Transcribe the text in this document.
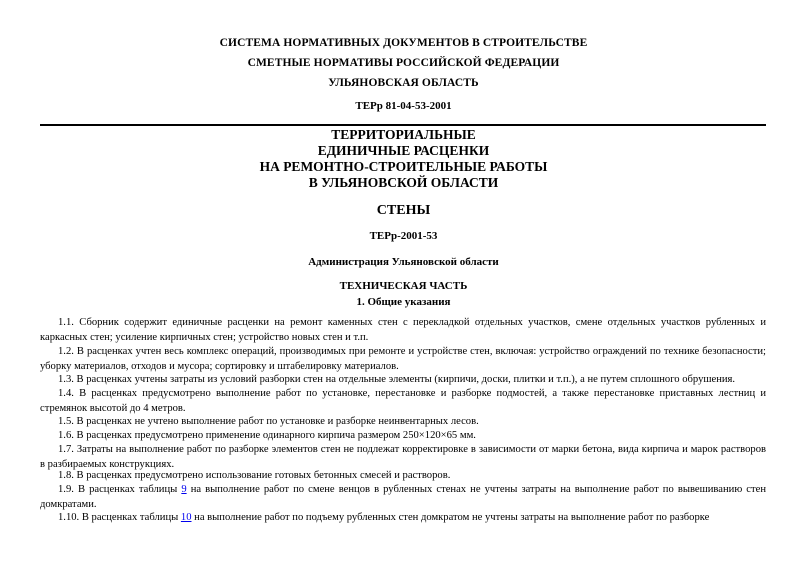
СИСТЕМА НОРМАТИВНЫХ ДОКУМЕНТОВ В СТРОИТЕЛЬСТВЕ
СМЕТНЫЕ НОРМАТИВЫ РОССИЙСКОЙ ФЕДЕРАЦИИ
УЛЬЯНОВСКАЯ ОБЛАСТЬ
ТЕРр 81-04-53-2001
ТЕРРИТОРИАЛЬНЫЕ
ЕДИНИЧНЫЕ РАСЦЕНКИ
НА РЕМОНТНО-СТРОИТЕЛЬНЫЕ РАБОТЫ
В УЛЬЯНОВСКОЙ ОБЛАСТИ
СТЕНЫ
ТЕРр-2001-53
Администрация Ульяновской области
ТЕХНИЧЕСКАЯ ЧАСТЬ
1. Общие указания

1.1. Сборник содержит единичные расценки на ремонт каменных стен с перекладкой отдельных участков, смене отдельных участков рубленных и каркасных стен; усиление кирпичных стен; устройство новых стен и т.п.

1.2. В расценках учтен весь комплекс операций, производимых при ремонте и устройстве стен, включая: устройство ограждений по технике безопасности; уборку материалов, отходов и мусора; сортировку и штабелировку материалов.

1.3. В расценках учтены затраты из условий разборки стен на отдельные элементы (кирпичи, доски, плитки и т.п.), а не путем сплошного обрушения.

1.4. В расценках предусмотрено выполнение работ по установке, перестановке и разборке подмостей, а также перестановке приставных лестниц и стремянок высотой до 4 метров.

1.5. В расценках не учтено выполнение работ по установке и разборке неинвентарных лесов.

1.6. В расценках предусмотрено применение одинарного кирпича размером 250×120×65 мм.

1.7. Затраты на выполнение работ по разборке элементов стен не подлежат корректировке в зависимости от марки бетона, вида кирпича и марок растворов в разбираемых конструкциях.

1.8. В расценках предусмотрено использование готовых бетонных смесей и растворов.

1.9. В расценках таблицы 9 на выполнение работ по смене венцов в рубленных стенах не учтены затраты на выполнение работ по вывешиванию стен домкратами.

1.10. В расценках таблицы 10 на выполнение работ по подъему рубленных стен домкратом не учтены затраты на выполнение работ по разборке
